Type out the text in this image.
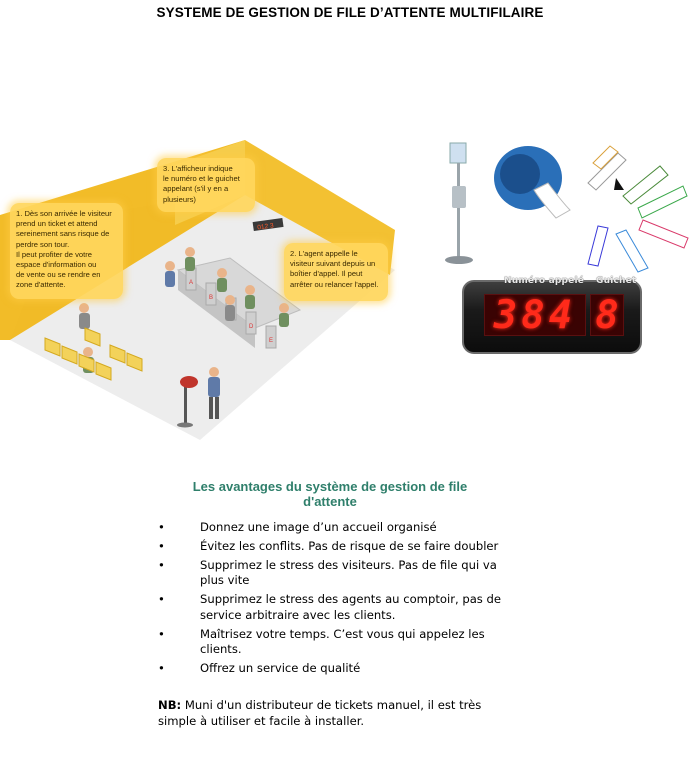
SYSTEME DE GESTION DE FILE D’ATTENTE MULTIFILAIRE
012 3
A
B
D
E

1. Dès son arrivée le visiteur
prend un ticket et attend
sereinement sans risque de
perdre son tour.
Il peut profiter de votre
espace d'information ou
de vente ou se rendre en
zone d'attente.

2. L'agent appelle le
visiteur suivant depuis un
boîtier d'appel. Il peut
arrêter ou relancer l'appel.

3. L'afficheur indique
le numéro et le guichet
appelant (s'il y en a
plusieurs)

Numéro appelé Guichet
384 8
Les avantages du système de gestion de file d'attente
•	Donnez une image d’un accueil organisé
•	Évitez les conflits. Pas de risque de se faire doubler
•	Supprimez le stress des visiteurs. Pas de file qui va plus vite
•	Supprimez le stress des agents au comptoir, pas de service arbitraire avec les clients.
•	Maîtrisez votre temps. C’est vous qui appelez les clients.
•	Offrez un service de qualité
NB: Muni d'un distributeur de tickets manuel, il est très simple à utiliser et facile à installer.
